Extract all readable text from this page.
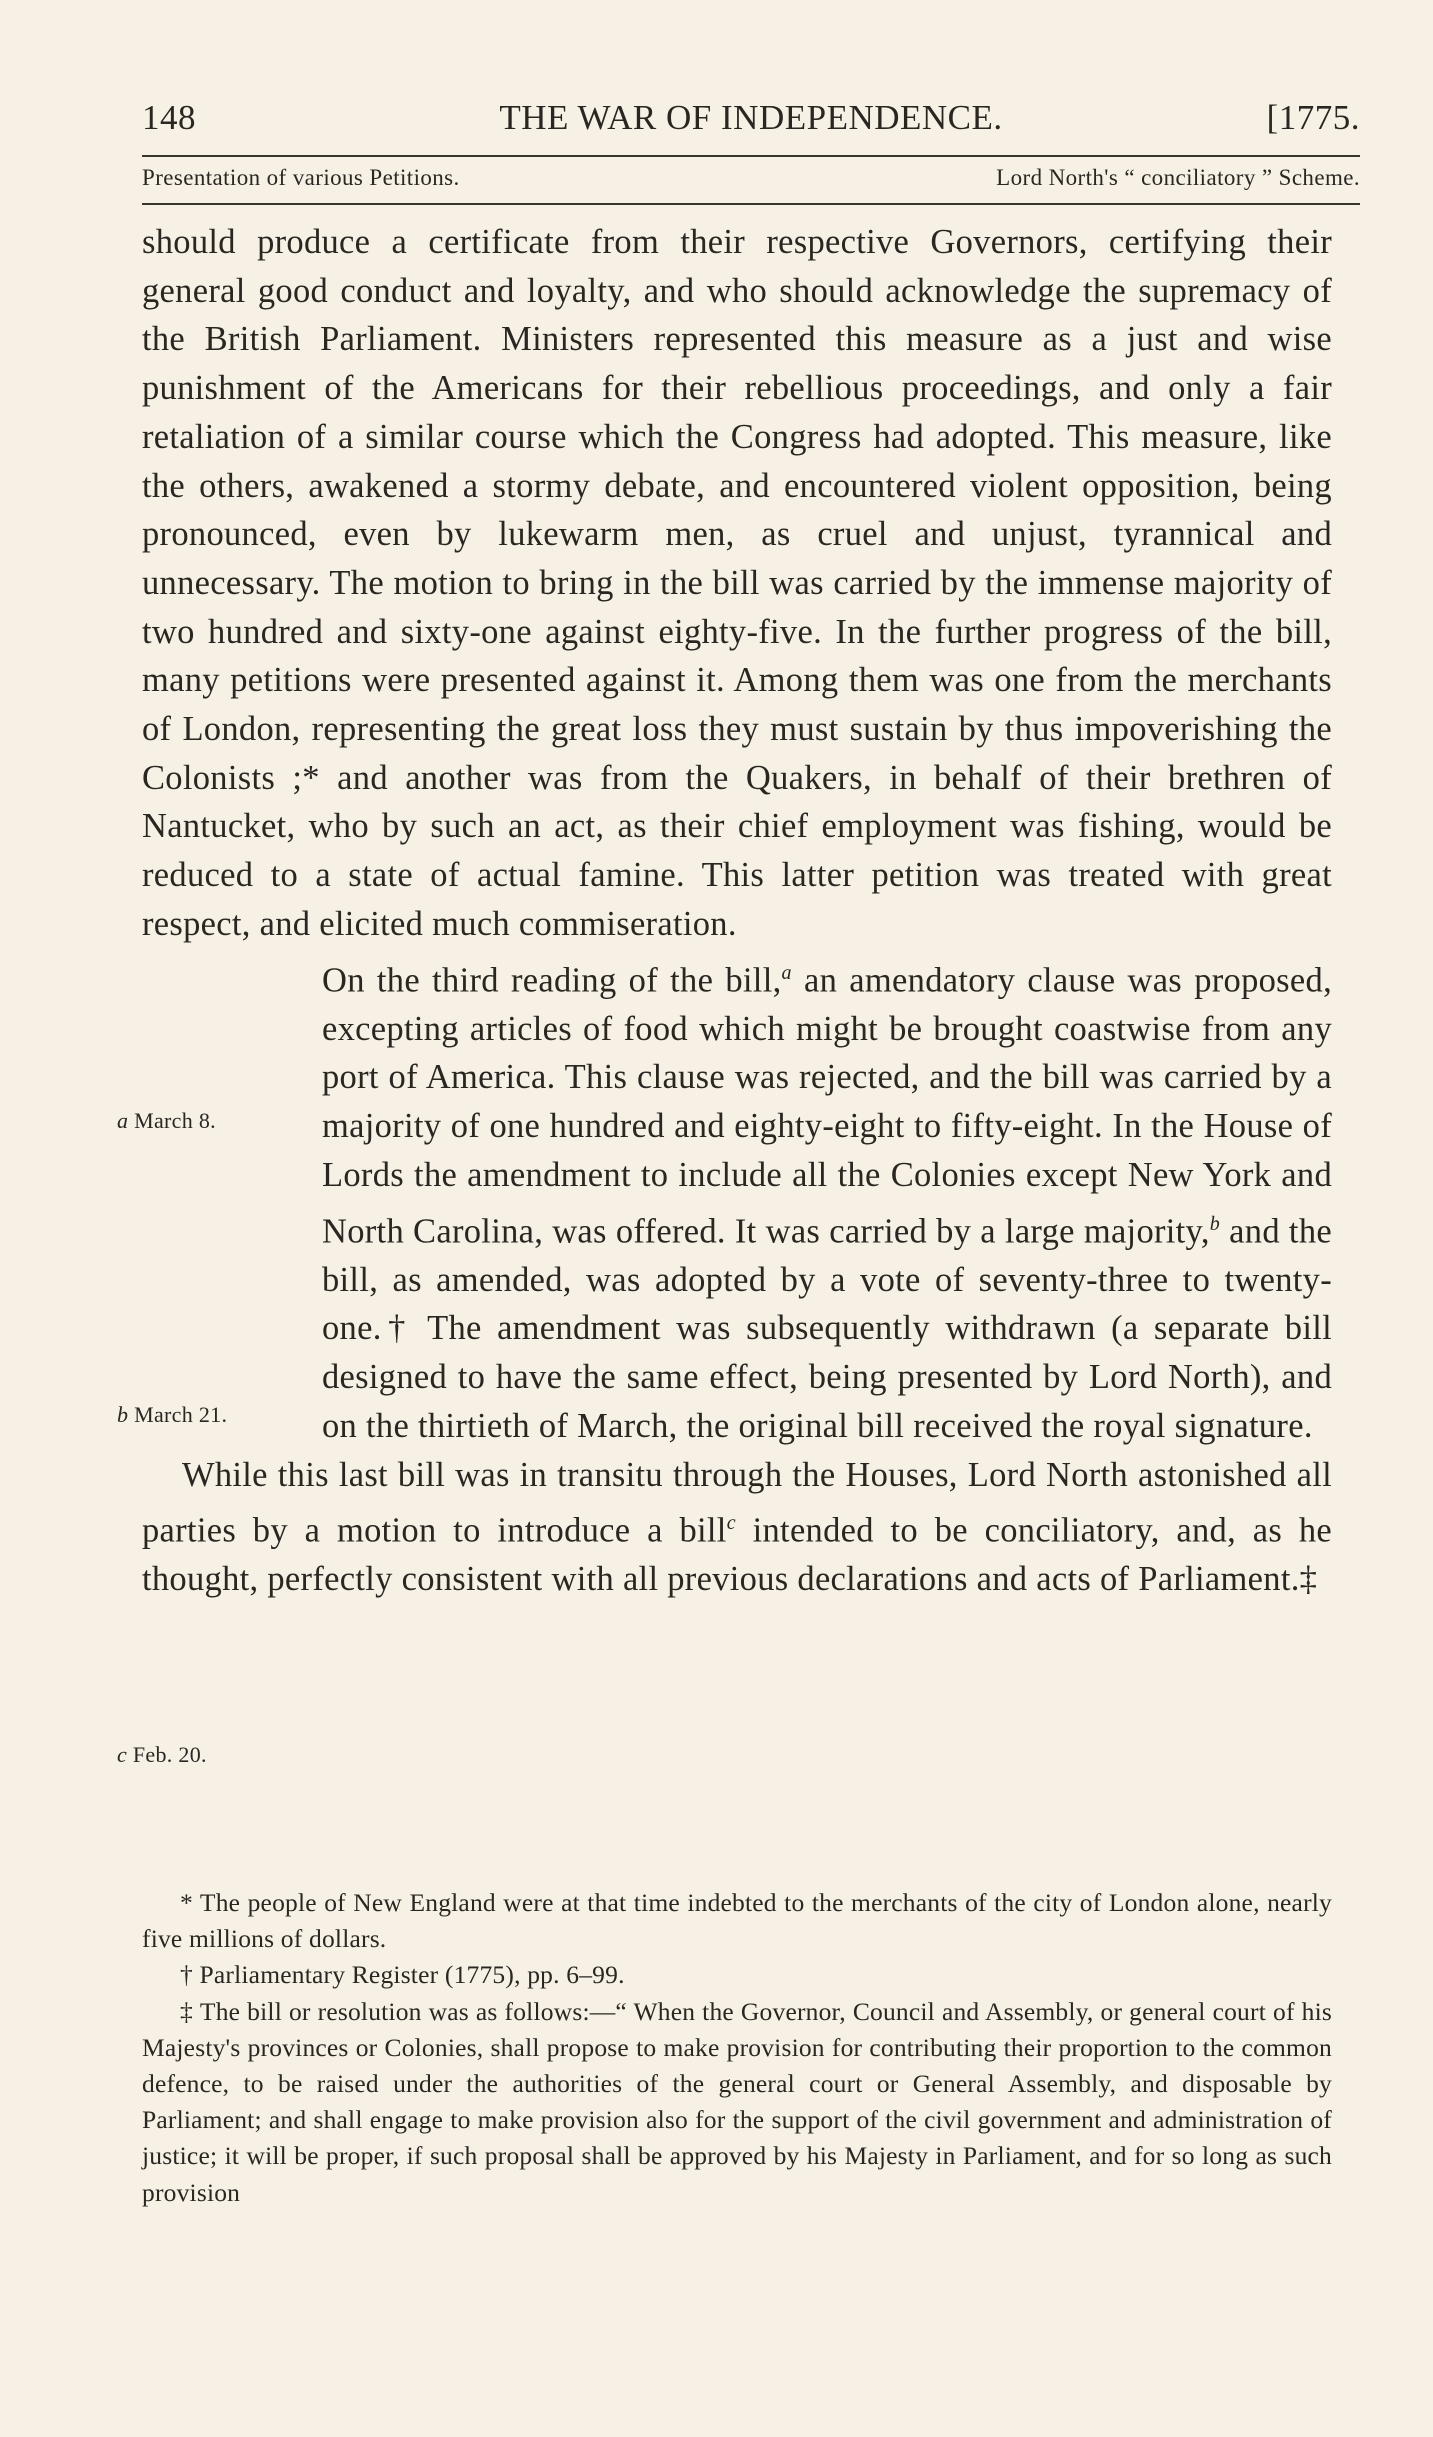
148	THE WAR OF INDEPENDENCE.	[1775.
Presentation of various Petitions.	Lord North's “ conciliatory ” Scheme.

should produce a certificate from their respective Governors, certifying their general good conduct and loyalty, and who should acknowledge the supremacy of the British Parliament. Ministers represented this measure as a just and wise punishment of the Americans for their rebellious proceedings, and only a fair retaliation of a similar course which the Congress had adopted. This measure, like the others, awakened a stormy debate, and encountered violent opposition, being pronounced, even by lukewarm men, as cruel and unjust, tyrannical and unnecessary. The motion to bring in the bill was carried by the immense majority of two hundred and sixty-one against eighty-five. In the further progress of the bill, many petitions were presented against it. Among them was one from the merchants of London, representing the great loss they must sustain by thus impoverishing the Colonists ;* and another was from the Quakers, in behalf of their brethren of Nantucket, who by such an act, as their chief employment was fishing, would be reduced to a state of actual famine. This latter petition was treated with great respect, and elicited much commiseration.

On the third reading of the bill,$^a$ an amendatory clause was proposed, excepting articles of food which might be brought coastwise from any port of America. This clause was rejected, and the bill was carried by a majority of one hundred and eighty-eight to fifty-eight. In the House of Lords the amendment to include all the Colonies except New York and North Carolina, was offered. It was carried by a large majority,$^b$ and the bill, as amended, was adopted by a vote of seventy-three to twenty-one.† The amendment was subsequently withdrawn (a separate bill designed to have the same effect, being presented by Lord North), and on the thirtieth of March, the original bill received the royal signature.

While this last bill was in transitu through the Houses, Lord North astonished all parties by a motion to introduce a bill$^c$ intended to be conciliatory, and, as he thought, perfectly consistent with all previous declarations and acts of Parliament.‡

a March 8.
b March 21.
c Feb. 20.

* The people of New England were at that time indebted to the merchants of the city of London alone, nearly five millions of dollars.

† Parliamentary Register (1775), pp. 6–99.

‡ The bill or resolution was as follows:—“ When the Governor, Council and Assembly, or general court of his Majesty's provinces or Colonies, shall propose to make provision for contributing their proportion to the common defence, to be raised under the authorities of the general court or General Assembly, and disposable by Parliament; and shall engage to make provision also for the support of the civil government and administration of justice; it will be proper, if such proposal shall be approved by his Majesty in Parliament, and for so long as such provision
